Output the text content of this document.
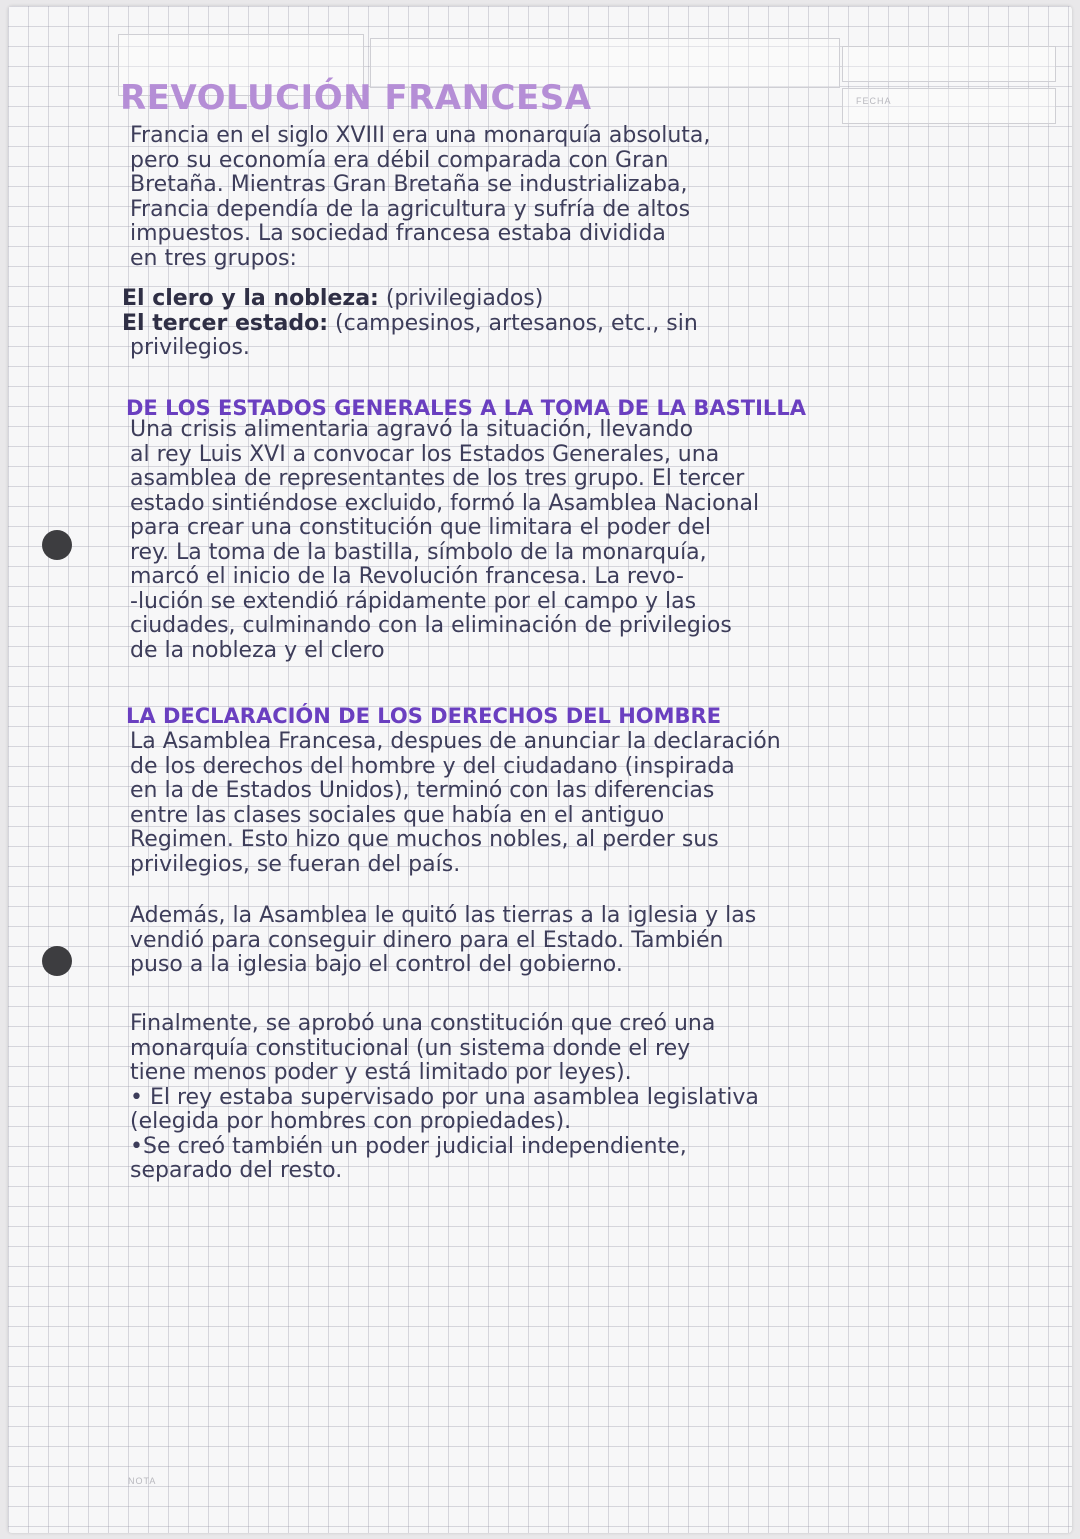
FECHA
REVOLUCIÓN FRANCESA
Francia en el siglo XVIII era una monarquía absoluta,
pero su economía era débil comparada con Gran
Bretaña. Mientras Gran Bretaña se industrializaba,
Francia dependía de la agricultura y sufría de altos
impuestos. La sociedad francesa estaba dividida
en tres grupos:
El clero y la nobleza: (privilegiados)
El tercer estado: (campesinos, artesanos, etc., sin
privilegios.
DE LOS ESTADOS GENERALES A LA TOMA DE LA BASTILLA
Una crisis alimentaria agravó la situación, llevando
al rey Luis XVI a convocar los Estados Generales, una
asamblea de representantes de los tres grupo. El tercer
estado sintiéndose excluido, formó la Asamblea Nacional
para crear una constitución que limitara el poder del
rey. La toma de la bastilla, símbolo de la monarquía,
marcó el inicio de la Revolución francesa. La revo-
-lución se extendió rápidamente por el campo y las
ciudades, culminando con la eliminación de privilegios
de la nobleza y el clero
LA DECLARACIÓN DE LOS DERECHOS DEL HOMBRE
La Asamblea Francesa, despues de anunciar la declaración
de los derechos del hombre y del ciudadano (inspirada
en la de Estados Unidos), terminó con las diferencias
entre las clases sociales que había en el antiguo
Regimen. Esto hizo que muchos nobles, al perder sus
privilegios, se fueran del país.
Además, la Asamblea le quitó las tierras a la iglesia y las
vendió para conseguir dinero para el Estado. También
puso a la iglesia bajo el control del gobierno.
Finalmente, se aprobó una constitución que creó una
monarquía constitucional (un sistema donde el rey
tiene menos poder y está limitado por leyes).
• El rey estaba supervisado por una asamblea legislativa
(elegida por hombres con propiedades).
•Se creó también un poder judicial independiente,
separado del resto.
NOTA
